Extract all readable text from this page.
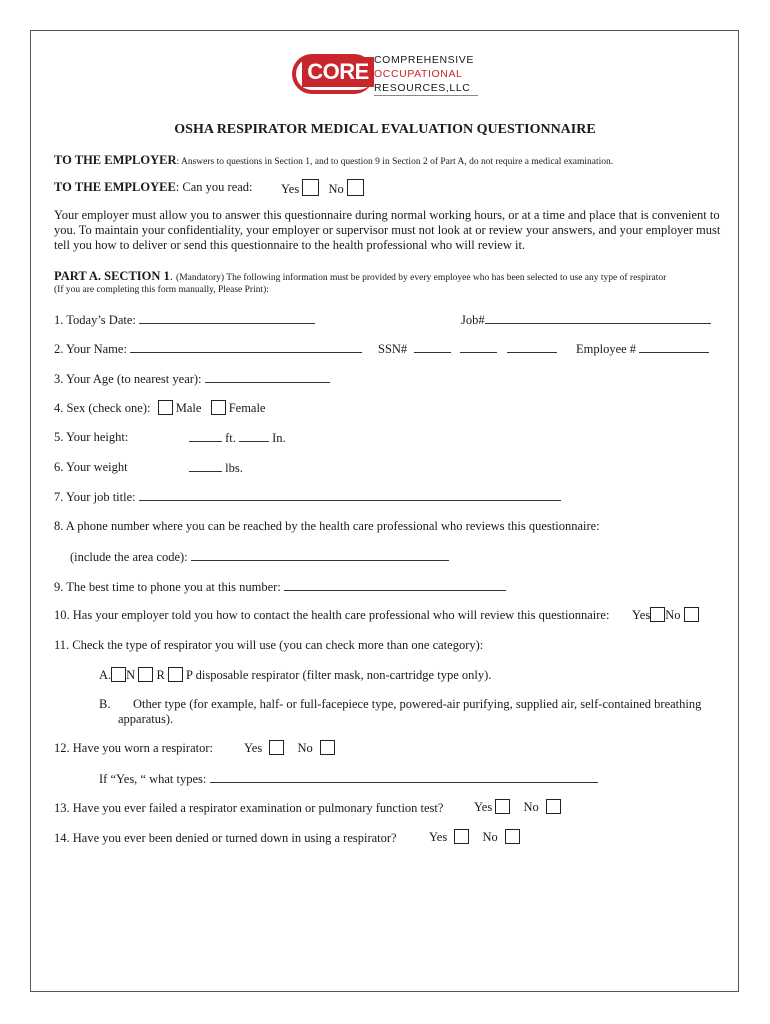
CORE COMPREHENSIVE
OCCUPATIONAL
RESOURCES,LLC
OSHA RESPIRATOR MEDICAL EVALUATION QUESTIONNAIRE
TO THE EMPLOYER: Answers to questions in Section 1, and to question 9 in Section 2 of Part A, do not require a medical examination.
TO THE EMPLOYEE: Can you read: Yes No
Your employer must allow you to answer this questionnaire during normal working hours, or at a time and place that is convenient to you. To maintain your confidentiality, your employer or supervisor must not look at or review your answers, and your employer must tell you how to deliver or send this questionnaire to the health professional who will review it.
PART A. SECTION 1. (Mandatory) The following information must be provided by every employee who has been selected to use any type of respirator
(If you are completing this form manually, Please Print):
1. Today’s Date:	Job#
2. Your Name:	SSN#	Employee #
3. Your Age (to nearest year):
4. Sex (check one): Male Female
5. Your height:	ft.	In.
6. Your weight	lbs.
7. Your job title:
8. A phone number where you can be reached by the health care professional who reviews this questionnaire:
(include the area code):
9. The best time to phone you at this number:
10. Has your employer told you how to contact the health care professional who will review this questionnaire: Yes No
11. Check the type of respirator you will use (you can check more than one category):
A. N R P disposable respirator (filter mask, non-cartridge type only).
B. Other type (for example, half- or full-facepiece type, powered-air purifying, supplied air, self-contained breathing
apparatus).
12. Have you worn a respirator: Yes	No
If “Yes, “ what types:
13. Have you ever failed a respirator examination or pulmonary function test? Yes	No
14. Have you ever been denied or turned down in using a respirator?	Yes	No
